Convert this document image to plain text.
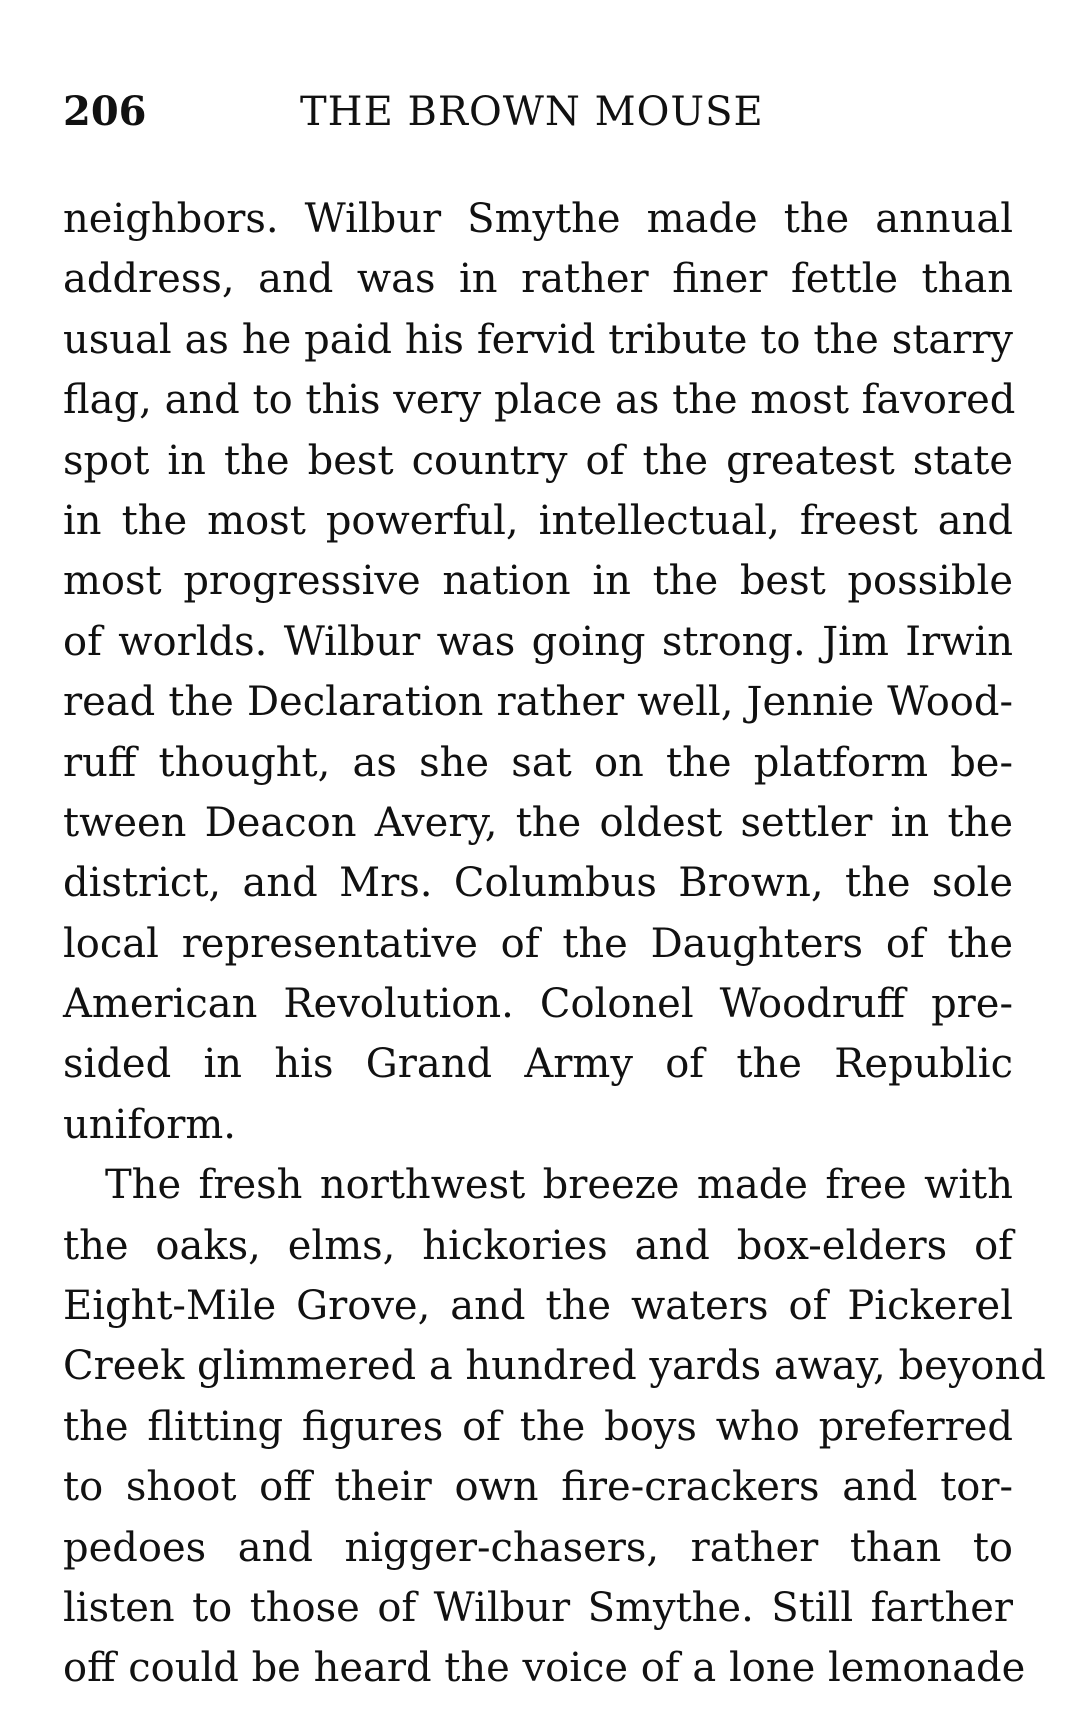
206	THE BROWN MOUSE
neighbors. Wilbur Smythe made the annual
address, and was in rather finer fettle than
usual as he paid his fervid tribute to the starry
flag, and to this very place as the most favored
spot in the best country of the greatest state
in the most powerful, intellectual, freest and
most progressive nation in the best possible
of worlds. Wilbur was going strong. Jim Irwin
read the Declaration rather well, Jennie Wood-
ruff thought, as she sat on the platform be-
tween Deacon Avery, the oldest settler in the
district, and Mrs. Columbus Brown, the sole
local representative of the Daughters of the
American Revolution. Colonel Woodruff pre-
sided in his Grand Army of the Republic
uniform.
The fresh northwest breeze made free with
the oaks, elms, hickories and box-elders of
Eight-Mile Grove, and the waters of Pickerel
Creek glimmered a hundred yards away, beyond
the flitting figures of the boys who preferred
to shoot off their own fire-crackers and tor-
pedoes and nigger-chasers, rather than to
listen to those of Wilbur Smythe. Still farther
off could be heard the voice of a lone lemonade
